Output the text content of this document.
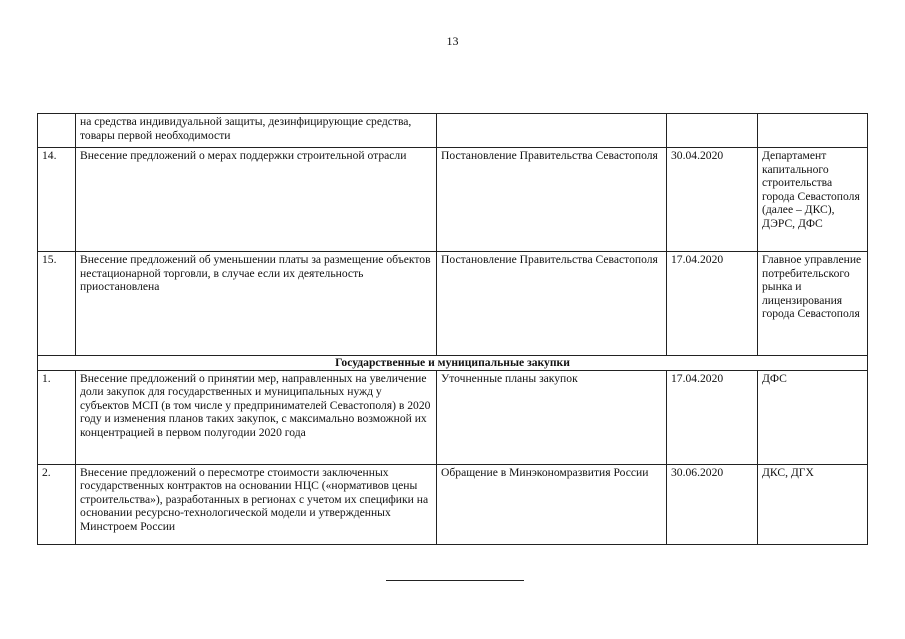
13
	на средства индивидуальной защиты, дезинфицирующие средства, товары первой необходимости			
14.	Внесение предложений о мерах поддержки строительной отрасли	Постановление Правительства Севастополя	30.04.2020	Департамент капитального строительства города Севастополя (далее – ДКС), ДЭРС, ДФС
15.	Внесение предложений об уменьшении платы за размещение объектов нестационарной торговли, в случае если их деятельность приостановлена	Постановление Правительства Севастополя	17.04.2020	Главное управление потребительского рынка и лицензирования города Севастополя
Государственные и муниципальные закупки				
1.	Внесение предложений о принятии мер, направленных на увеличение доли закупок для государственных и муниципальных нужд у субъектов МСП (в том числе у предпринимателей Севастополя) в 2020 году и изменения планов таких закупок, с максимально возможной их концентрацией в первом полугодии 2020 года	Уточненные планы закупок	17.04.2020	ДФС
2.	Внесение предложений о пересмотре стоимости заключенных государственных контрактов на основании НЦС («нормативов цены строительства»), разработанных в регионах с учетом их специфики на основании ресурсно-технологической модели и утвержденных Минстроем России	Обращение в Минэкономразвития России	30.06.2020	ДКС, ДГХ
